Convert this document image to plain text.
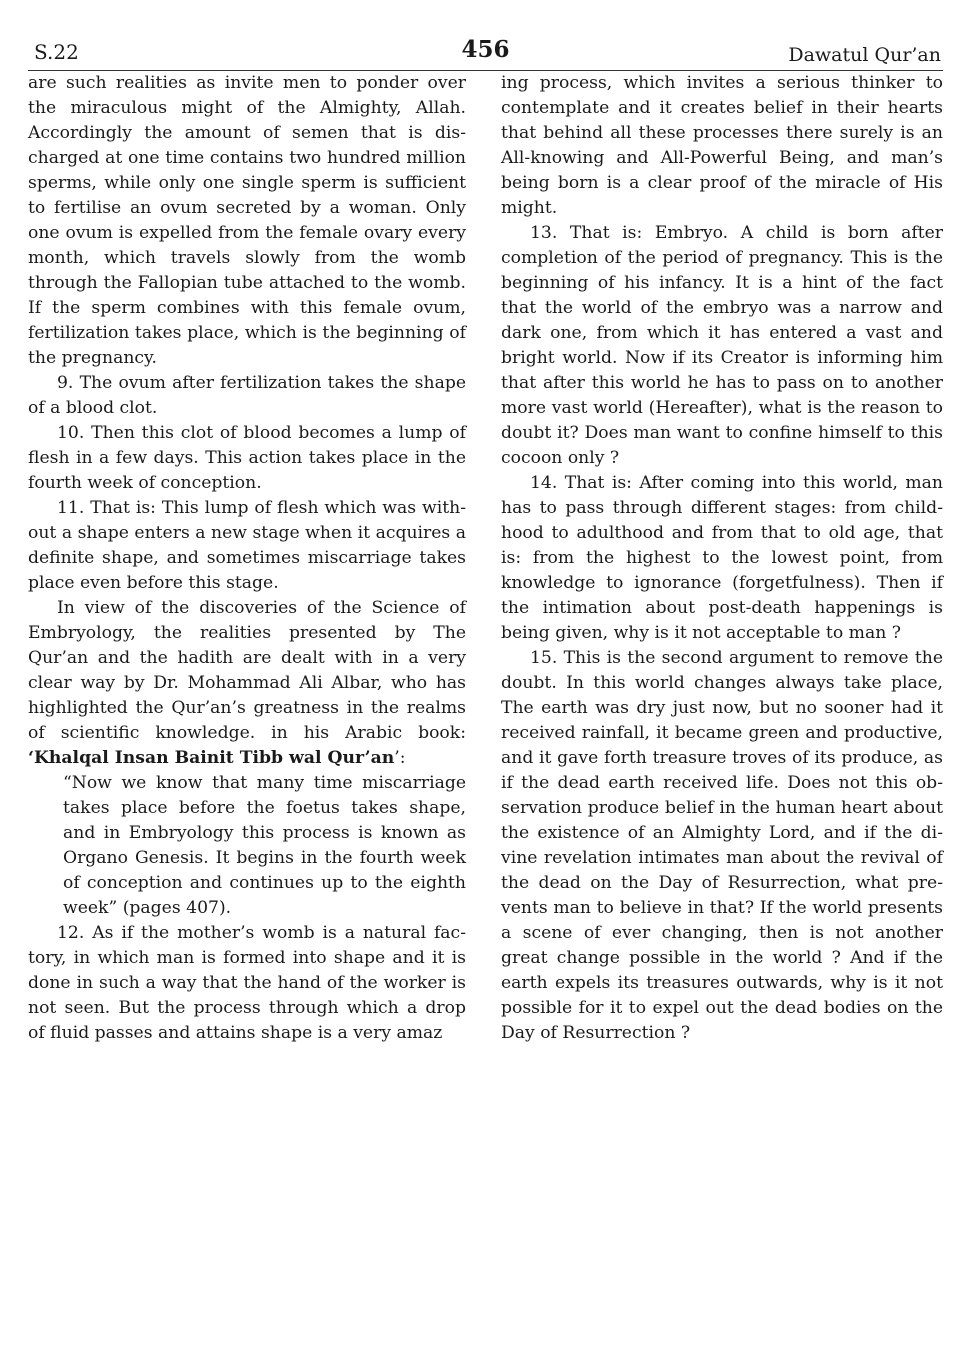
S.22	456	Dawatul Qur’an

are such realities as invite men to ponder over the miraculous might of the Almighty, Allah. Accordingly the amount of semen that is discharged at one time contains two hundred million sperms, while only one single sperm is sufficient to fertilise an ovum secreted by a woman. Only one ovum is expelled from the female ovary every month, which travels slowly from the womb through the Fallopian tube attached to the womb. If the sperm combines with this female ovum, fertilization takes place, which is the beginning of the pregnancy.

9. The ovum after fertilization takes the shape of a blood clot.

10. Then this clot of blood becomes a lump of flesh in a few days. This action takes place in the fourth week of conception.

11. That is: This lump of flesh which was without a shape enters a new stage when it acquires a definite shape, and sometimes miscarriage takes place even before this stage.

In view of the discoveries of the Science of Embryology, the realities presented by The Qur’an and the hadith are dealt with in a very clear way by Dr. Mohammad Ali Albar, who has highlighted the Qur’an’s greatness in the realms of scientific knowledge. in his Arabic book: ‘Khalqal Insan Bainit Tibb wal Qur’an’:

“Now we know that many time miscarriage takes place before the foetus takes shape, and in Embryology this process is known as Organo Genesis. It begins in the fourth week of conception and continues up to the eighth week” (pages 407).

12. As if the mother’s womb is a natural factory, in which man is formed into shape and it is done in such a way that the hand of the worker is not seen. But the process through which a drop of fluid passes and attains shape is a very amaz

ing process, which invites a serious thinker to contemplate and it creates belief in their hearts that behind all these processes there surely is an All-knowing and All-Powerful Being, and man’s being born is a clear proof of the miracle of His might.

13. That is: Embryo. A child is born after completion of the period of pregnancy. This is the beginning of his infancy. It is a hint of the fact that the world of the embryo was a narrow and dark one, from which it has entered a vast and bright world. Now if its Creator is informing him that after this world he has to pass on to another more vast world (Hereafter), what is the reason to doubt it? Does man want to confine himself to this cocoon only ?

14. That is: After coming into this world, man has to pass through different stages: from childhood to adulthood and from that to old age, that is: from the highest to the lowest point, from knowledge to ignorance (forgetfulness). Then if the intimation about post-death happenings is being given, why is it not acceptable to man ?

15. This is the second argument to remove the doubt. In this world changes always take place, The earth was dry just now, but no sooner had it received rainfall, it became green and productive, and it gave forth treasure troves of its produce, as if the dead earth received life. Does not this observation produce belief in the human heart about the existence of an Almighty Lord, and if the divine revelation intimates man about the revival of the dead on the Day of Resurrection, what prevents man to believe in that? If the world presents a scene of ever changing, then is not another great change possible in the world ? And if the earth expels its treasures outwards, why is it not possible for it to expel out the dead bodies on the Day of Resurrection ?
